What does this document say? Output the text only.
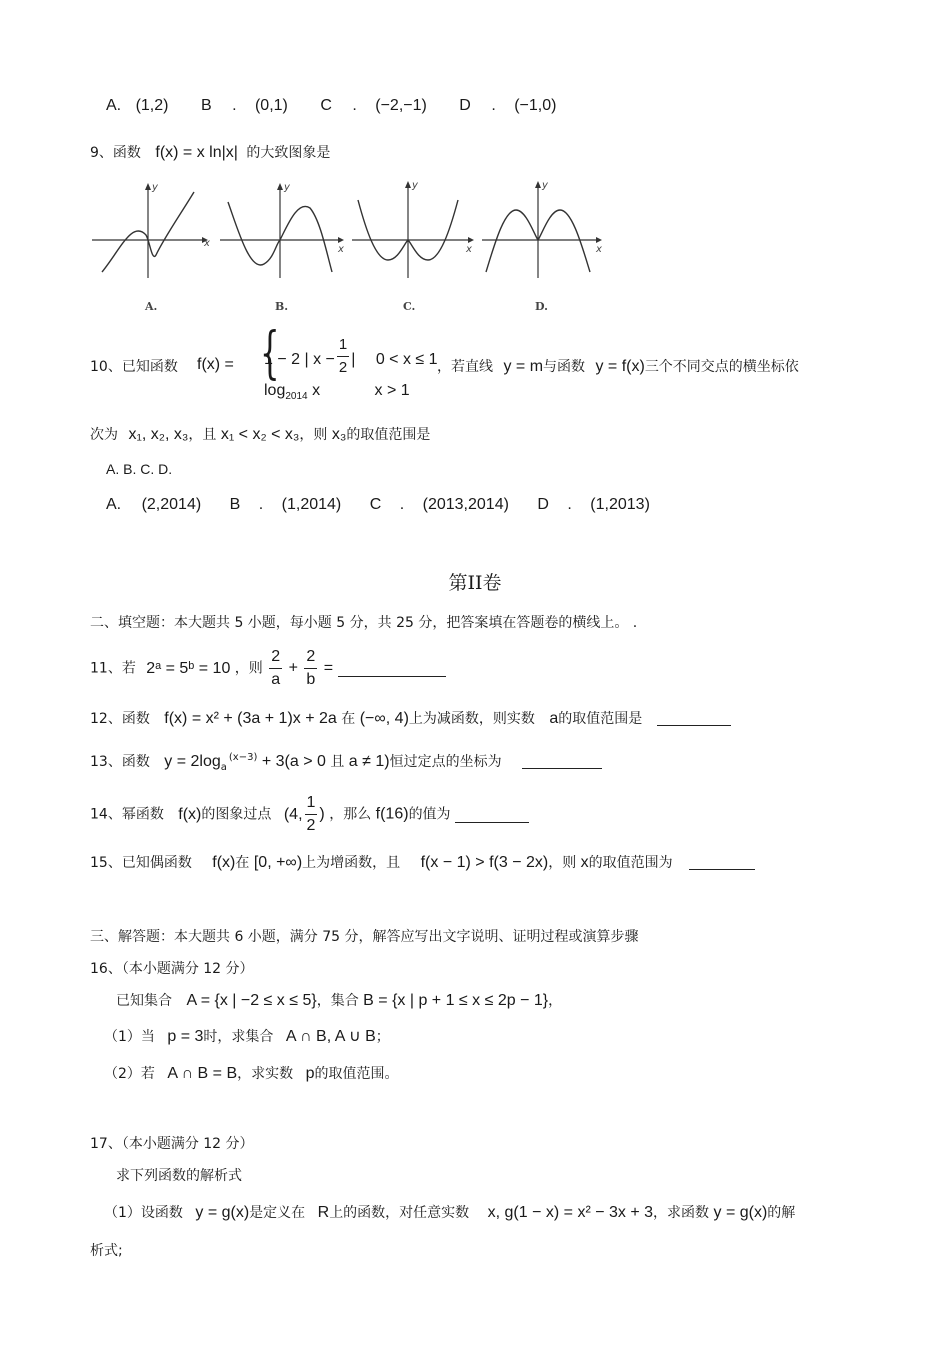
A. (1,2) B . (0,1) C . (−2,−1) D . (−1,0)
9、函数 f(x) = x ln|x| 的大致图象是
y
x
A.
y
x
B.
y
x
C.
y
x
D.
10、已知函数 f(x) = {
1 − 2 | $x - \frac{1}{2}$ | 0 < x ≤ 1
$\log_{2014} x$	x > 1
，若直线 y = m与函数 y = f(x)三个不同交点的横坐标依
次为 x₁, x₂, x₃，且 x₁ < x₂ < x₃，则 x₃的取值范围是
A. B. C. D.
A. (2,2014) B . (1,2014) C . (2013,2014) D . (1,2013)
第II卷
二、填空题：本大题共 5 小题，每小题 5 分，共 25 分，把答案填在答题卷的横线上。 .
11、若 2ᵃ = 5ᵇ = 10 ，则 $\frac{2}{a} + \frac{2}{b}$ =
12、函数 f(x) = x² + (3a + 1)x + 2a 在 (−∞, 4)上为减函数，则实数 a的取值范围是
13、函数 $y = 2\log_a^{(x-3)} + 3(a > 0$ 且 a ≠ 1)恒过定点的坐标为
14、幂函数 f(x)的图象过点 (4, $\frac{1}{2}$ ) ，那么 f(16)的值为
15、已知偶函数 f(x)在 [0, +∞)上为增函数，且 f(x − 1) > f(3 − 2x)，则 x的取值范围为
三、解答题：本大题共 6 小题，满分 75 分，解答应写出文字说明、证明过程或演算步骤
16、（本小题满分 12 分）
已知集合 A = {x | −2 ≤ x ≤ 5}，集合 B = {x | p + 1 ≤ x ≤ 2p − 1}，
（1）当 p = 3时，求集合 A ∩ B, A ∪ B；
（2）若 A ∩ B = B，求实数 p的取值范围。
17、（本小题满分 12 分）
求下列函数的解析式
（1）设函数 y = g(x)是定义在 R上的函数，对任意实数 x, g(1 − x) = x² − 3x + 3，求函数 y = g(x)的解
析式;
